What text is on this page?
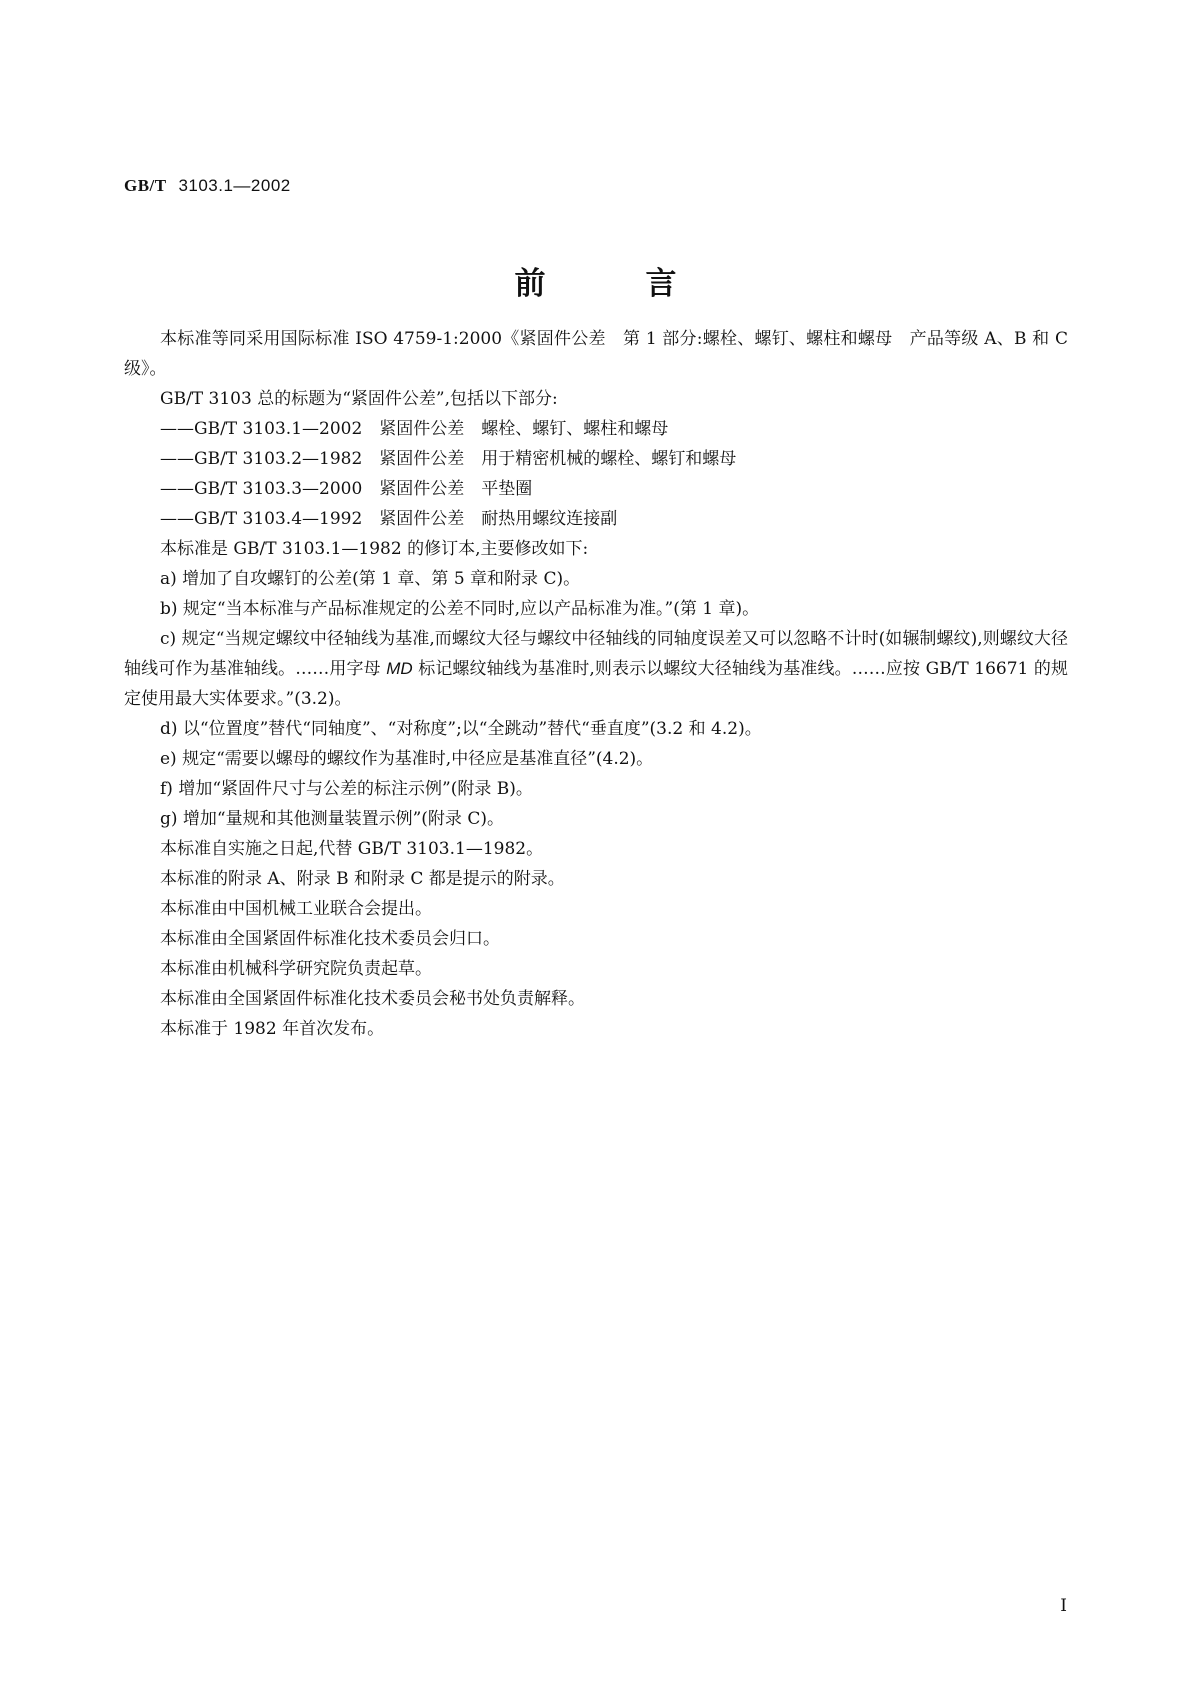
GB/T 3103.1—2002
前言

本标准等同采用国际标准 ISO 4759-1:2000《紧固件公差　第 1 部分:螺栓、螺钉、螺柱和螺母　产品等级 A、B 和 C 级》。

GB/T 3103 总的标题为“紧固件公差”,包括以下部分:

——GB/T 3103.1—2002　紧固件公差　螺栓、螺钉、螺柱和螺母

——GB/T 3103.2—1982　紧固件公差　用于精密机械的螺栓、螺钉和螺母

——GB/T 3103.3—2000　紧固件公差　平垫圈

——GB/T 3103.4—1992　紧固件公差　耐热用螺纹连接副

本标准是 GB/T 3103.1—1982 的修订本,主要修改如下:

a) 增加了自攻螺钉的公差(第 1 章、第 5 章和附录 C)。

b) 规定“当本标准与产品标准规定的公差不同时,应以产品标准为准。”(第 1 章)。

c) 规定“当规定螺纹中径轴线为基准,而螺纹大径与螺纹中径轴线的同轴度误差又可以忽略不计时(如辗制螺纹),则螺纹大径轴线可作为基准轴线。……用字母 MD 标记螺纹轴线为基准时,则表示以螺纹大径轴线为基准线。……应按 GB/T 16671 的规定使用最大实体要求。”(3.2)。

d) 以“位置度”替代“同轴度”、“对称度”;以“全跳动”替代“垂直度”(3.2 和 4.2)。

e) 规定“需要以螺母的螺纹作为基准时,中径应是基准直径”(4.2)。

f) 增加“紧固件尺寸与公差的标注示例”(附录 B)。

g) 增加“量规和其他测量装置示例”(附录 C)。

本标准自实施之日起,代替 GB/T 3103.1—1982。

本标准的附录 A、附录 B 和附录 C 都是提示的附录。

本标准由中国机械工业联合会提出。

本标准由全国紧固件标准化技术委员会归口。

本标准由机械科学研究院负责起草。

本标准由全国紧固件标准化技术委员会秘书处负责解释。

本标准于 1982 年首次发布。

I
